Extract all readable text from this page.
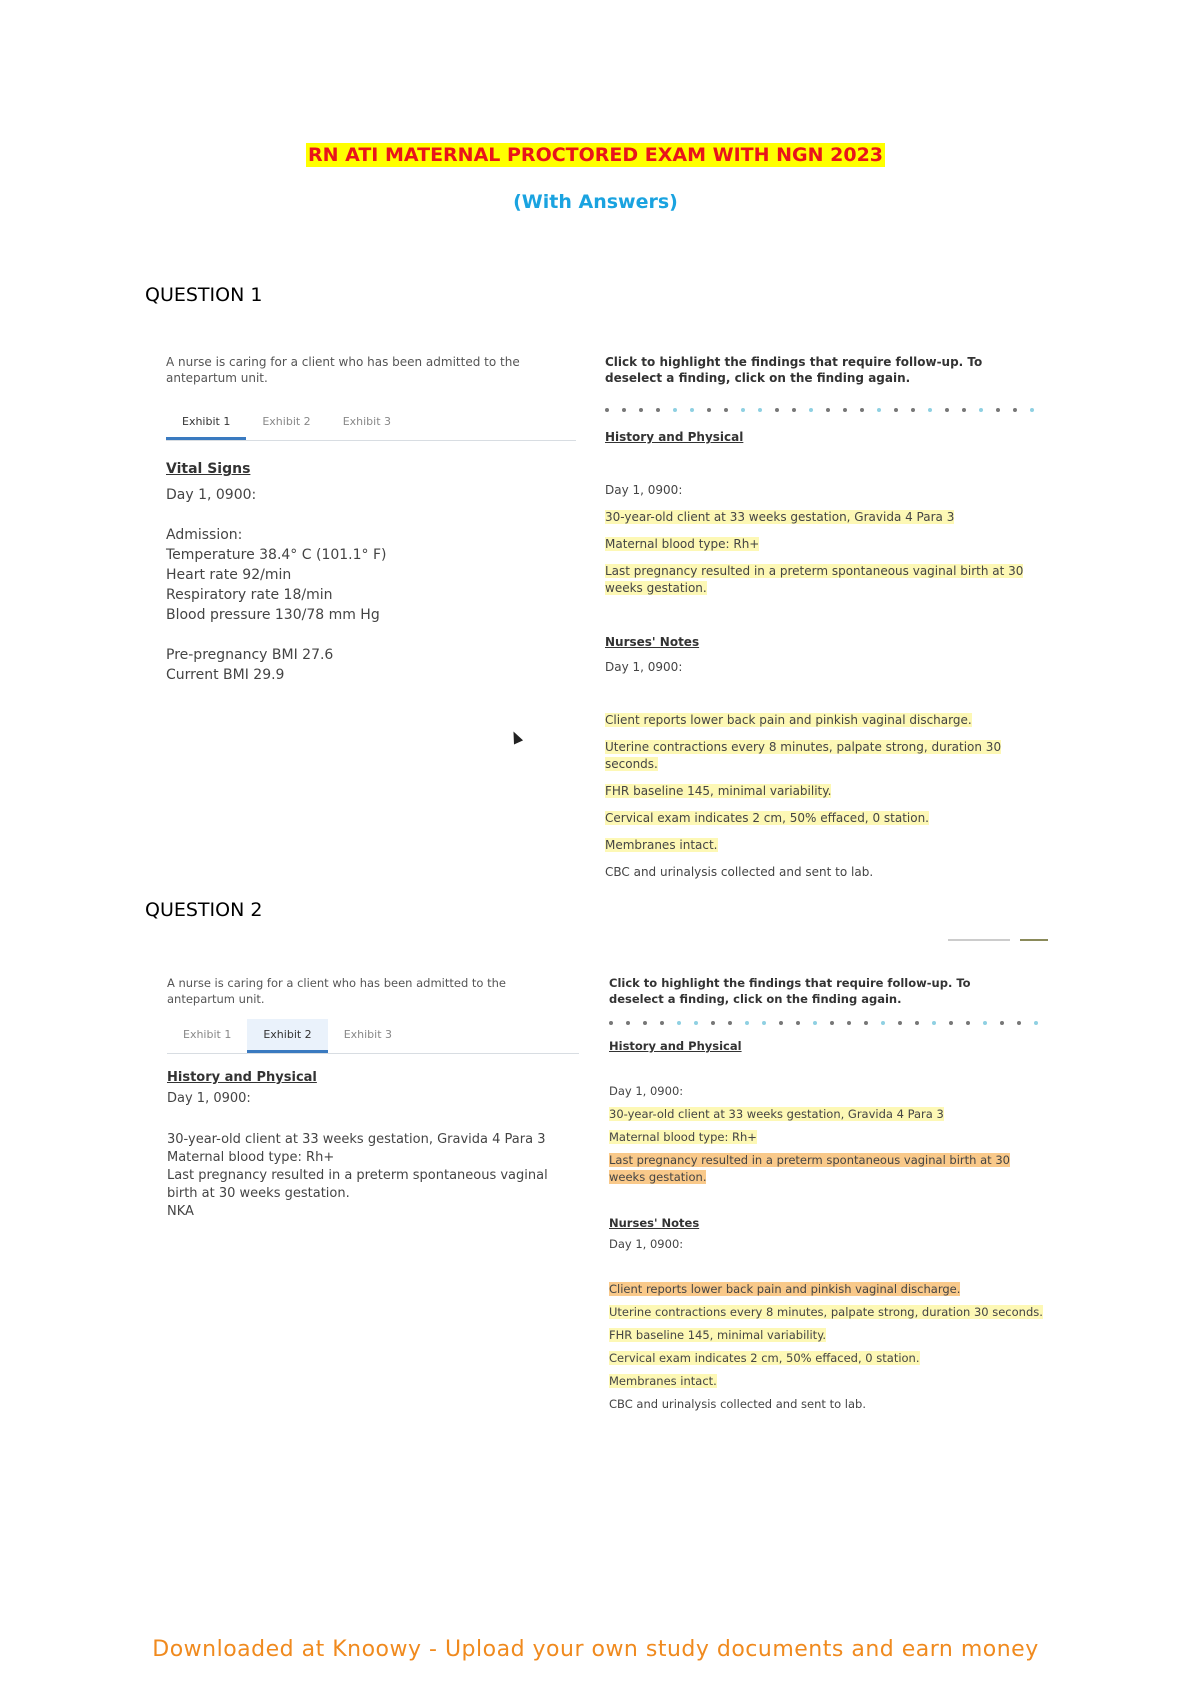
RN ATI MATERNAL PROCTORED EXAM WITH NGN 2023
(With Answers)
QUESTION 1
A nurse is caring for a client who has been admitted to the antepartum unit.
Exhibit 1	Exhibit 2	Exhibit 3
Vital Signs
Day 1, 0900:
Admission:
Temperature 38.4° C (101.1° F)
Heart rate 92/min
Respiratory rate 18/min
Blood pressure 130/78 mm Hg
Pre-pregnancy BMI 27.6
Current BMI 29.9
Click to highlight the findings that require follow-up. To deselect a finding, click on the finding again.
History and Physical
Day 1, 0900:
30-year-old client at 33 weeks gestation, Gravida 4 Para 3
Maternal blood type: Rh+
Last pregnancy resulted in a preterm spontaneous vaginal birth at 30 weeks gestation.
Nurses' Notes
Day 1, 0900:
Client reports lower back pain and pinkish vaginal discharge.
Uterine contractions every 8 minutes, palpate strong, duration 30 seconds.
FHR baseline 145, minimal variability.
Cervical exam indicates 2 cm, 50% effaced, 0 station.
Membranes intact.
CBC and urinalysis collected and sent to lab.
QUESTION 2
A nurse is caring for a client who has been admitted to the antepartum unit.
Exhibit 1	Exhibit 2	Exhibit 3
History and Physical
Day 1, 0900:
30-year-old client at 33 weeks gestation, Gravida 4 Para 3
Maternal blood type: Rh+
Last pregnancy resulted in a preterm spontaneous vaginal birth at 30 weeks gestation.
NKA
Click to highlight the findings that require follow-up. To deselect a finding, click on the finding again.
History and Physical
Day 1, 0900:
30-year-old client at 33 weeks gestation, Gravida 4 Para 3
Maternal blood type: Rh+
Last pregnancy resulted in a preterm spontaneous vaginal birth at 30 weeks gestation.
Nurses' Notes
Day 1, 0900:
Client reports lower back pain and pinkish vaginal discharge.
Uterine contractions every 8 minutes, palpate strong, duration 30 seconds.
FHR baseline 145, minimal variability.
Cervical exam indicates 2 cm, 50% effaced, 0 station.
Membranes intact.
CBC and urinalysis collected and sent to lab.
Downloaded at Knoowy - Upload your own study documents and earn money
